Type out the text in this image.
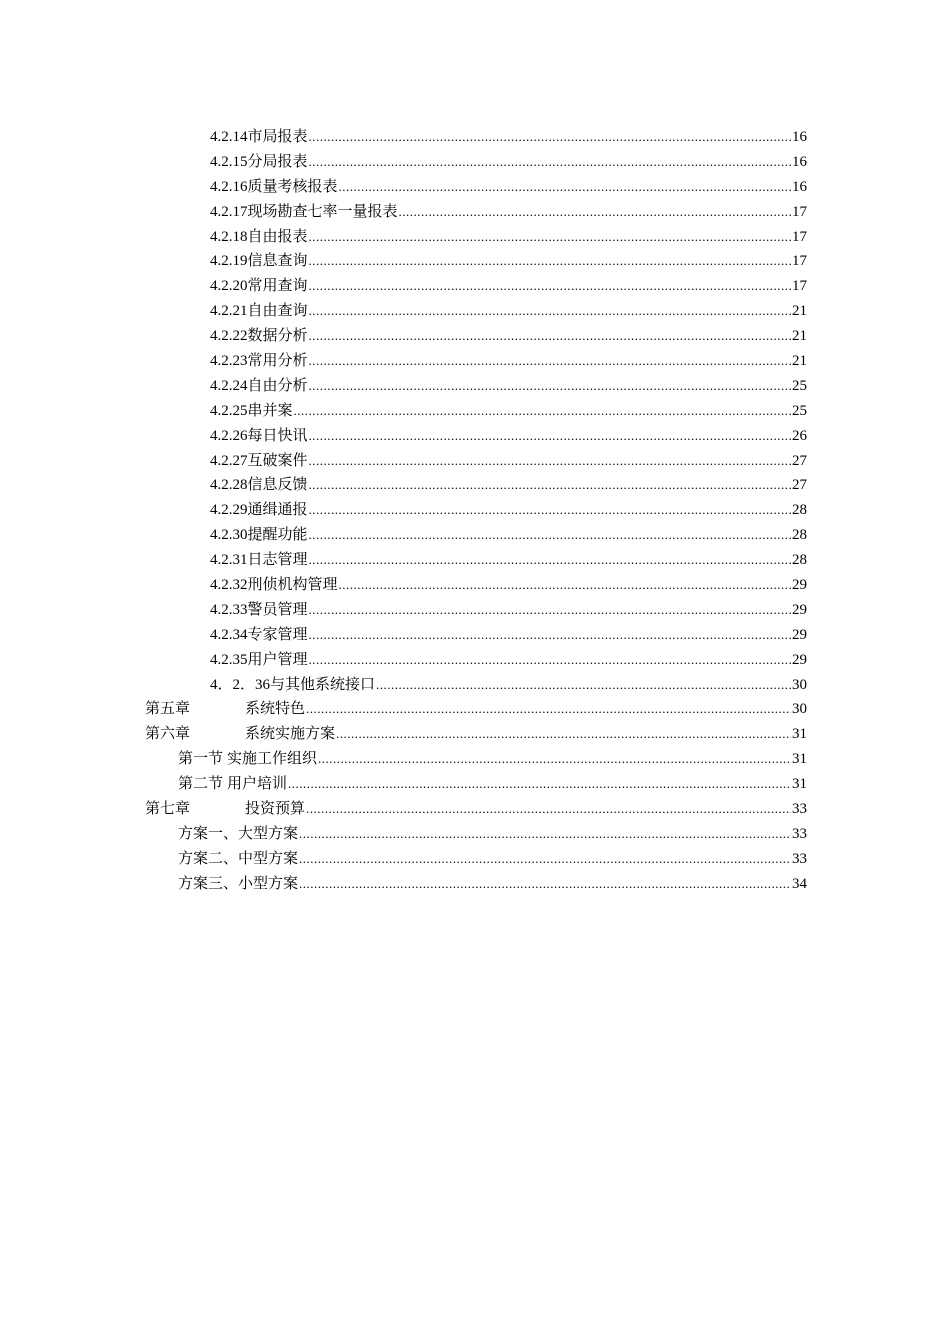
4.2.14 市局报表 .....	16
4.2.15 分局报表 .....	16
4.2.16 质量考核报表 .....	16
4.2.17 现场勘查七率一量报表 .....	17
4.2.18 自由报表 .....	17
4.2.19 信息查询 .....	17
4.2.20 常用查询 .....	17
4.2.21 自由查询 .....	21
4.2.22 数据分析 .....	21
4.2.23 常用分析 .....	21
4.2.24 自由分析 .....	25
4.2.25 串并案 .....	25
4.2.26 每日快讯 .....	26
4.2.27 互破案件 .....	27
4.2.28 信息反馈 .....	27
4.2.29 通缉通报 .....	28
4.2.30 提醒功能 .....	28
4.2.31 日志管理 .....	28
4.2.32 刑侦机构管理 .....	29
4.2.33 警员管理 .....	29
4.2.34 专家管理 .....	29
4.2.35 用户管理 .....	29
4．2．36 与其他系统接口 .....	30
第五章	系统特色 .....	30
第六章	系统实施方案 .....	31
第一节 实施工作组织 .....	31
第二节 用户培训 .....	31
第七章	投资预算 .....	33
方案一、大型方案 .....	33
方案二、中型方案 .....	33
方案三、小型方案 .....	34
